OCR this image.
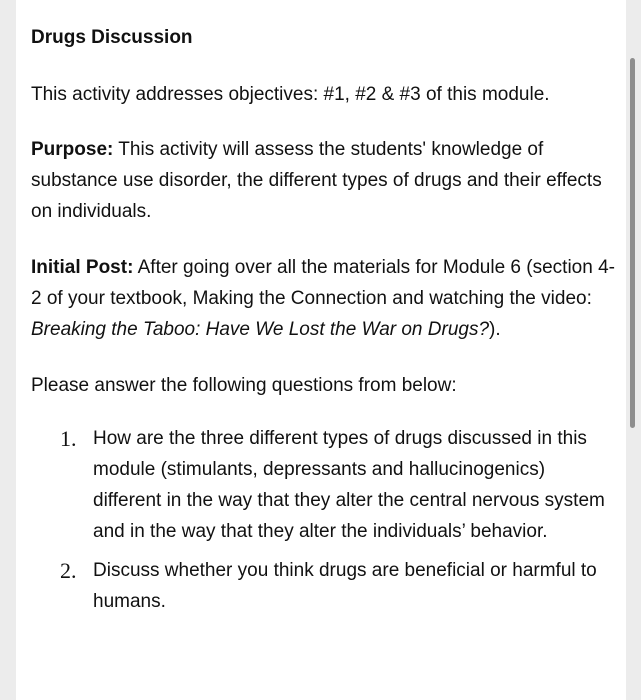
Drugs Discussion

This activity addresses objectives: #1, #2 & #3 of this module.

Purpose: This activity will assess the students' knowledge of substance use disorder, the different types of drugs and their effects on individuals.

Initial Post: After going over all the materials for Module 6 (section 4-2 of your textbook, Making the Connection and watching the video: Breaking the Taboo: Have We Lost the War on Drugs?).

Please answer the following questions from below:

1. How are the three different types of drugs discussed in this module (stimulants, depressants and hallucinogenics) different in the way that they alter the central nervous system and in the way that they alter the individuals’ behavior.
2. Discuss whether you think drugs are beneficial or harmful to humans.
